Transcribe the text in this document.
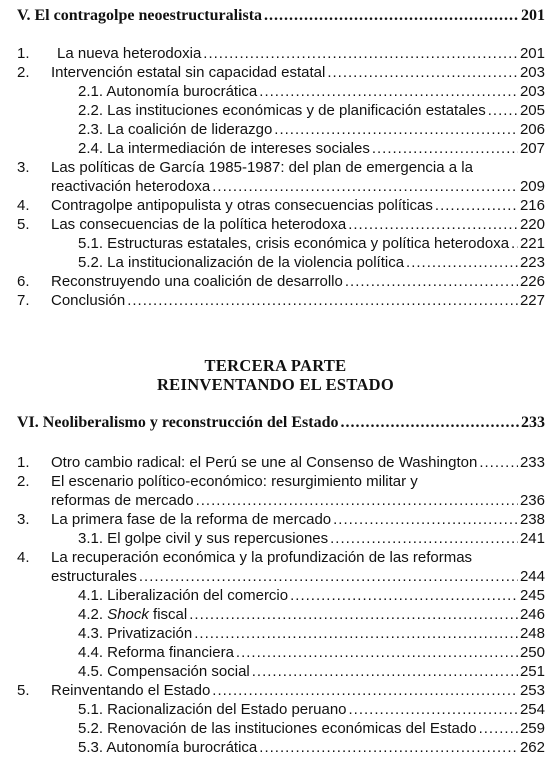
V. El contragolpe neoestructuralista .....	201
1. La nueva heterodoxia .....	201
2. Intervención estatal sin capacidad estatal .....	203
2.1. Autonomía burocrática .....	203
2.2. Las instituciones económicas y de planificación estatales ..... 205
2.3. La coalición de liderazgo .....	206
2.4. La intermediación de intereses sociales .....	207
3. Las políticas de García 1985-1987: del plan de emergencia a la
reactivación heterodoxa .....	209
4. Contragolpe antipopulista y otras consecuencias políticas .....	216
5. Las consecuencias de la política heterodoxa .....	220
5.1. Estructuras estatales, crisis económica y política heterodoxa ..... 221
5.2. La institucionalización de la violencia política .....	223
6. Reconstruyendo una coalición de desarrollo .....	226
7. Conclusión .....	227
TERCERA PARTE
REINVENTANDO EL ESTADO
VI. Neoliberalismo y reconstrucción del Estado .....	233
1. Otro cambio radical: el Perú se une al Consenso de Washington .....	233
2. El escenario político-económico: resurgimiento militar y
reformas de mercado .....	236
3. La primera fase de la reforma de mercado .....	238
3.1. El golpe civil y sus repercusiones .....	241
4. La recuperación económica y la profundización de las reformas
estructurales .....	244
4.1. Liberalización del comercio .....	245
4.2. Shock fiscal .....	246
4.3. Privatización .....	248
4.4. Reforma financiera .....	250
4.5. Compensación social .....	251
5. Reinventando el Estado .....	253
5.1. Racionalización del Estado peruano .....	254
5.2. Renovación de las instituciones económicas del Estado .....	259
5.3. Autonomía burocrática .....	262
